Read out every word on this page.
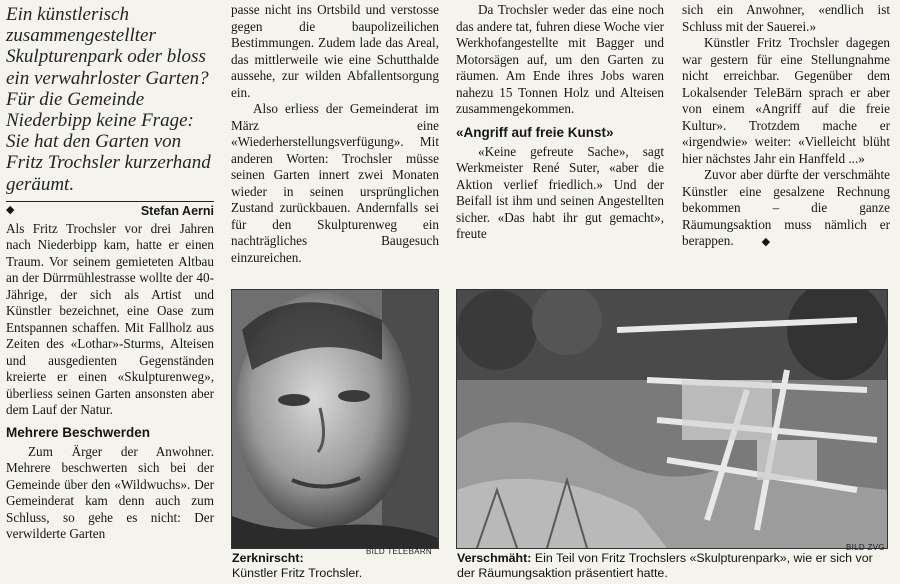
Ein künstlerisch zusammengestellter Skulpturenpark oder bloss ein verwahrloster Garten? Für die Gemeinde Niederbipp keine Frage: Sie hat den Garten von Fritz Trochsler kurzerhand geräumt.

◆	Stefan Aerni

Als Fritz Trochsler vor drei Jahren nach Niederbipp kam, hatte er einen Traum. Vor seinem gemieteten Altbau an der Dürrmühlestrasse wollte der 40-Jährige, der sich als Artist und Künstler bezeichnet, eine Oase zum Entspannen schaffen. Mit Fallholz aus Zeiten des «Lothar»-Sturms, Alteisen und ausgedienten Gegenständen kreierte er einen «Skulpturenweg», überliess seinen Garten ansonsten aber dem Lauf der Natur.

Mehrere Beschwerden

Zum Ärger der Anwohner. Mehrere beschwerten sich bei der Gemeinde über den «Wildwuchs». Der Gemeinderat kam denn auch zum Schluss, so gehe es nicht: Der verwilderte Garten

passe nicht ins Ortsbild und verstosse gegen die baupolizeilichen Bestimmungen. Zudem lade das Areal, das mittlerweile wie eine Schutthalde aussehe, zur wilden Abfallentsorgung ein.

Also erliess der Gemeinderat im März eine «Wiederherstellungsverfügung». Mit anderen Worten: Trochsler müsse seinen Garten innert zwei Monaten wieder in seinen ursprünglichen Zustand zurückbauen. Andernfalls sei für den Skulpturenweg ein nachträgliches Baugesuch einzureichen.

Da Trochsler weder das eine noch das andere tat, fuhren diese Woche vier Werkhofangestellte mit Bagger und Motorsägen auf, um den Garten zu räumen. Am Ende ihres Jobs waren nahezu 15 Tonnen Holz und Alteisen zusammengekommen.

«Angriff auf freie Kunst»

«Keine gefreute Sache», sagt Werkmeister René Suter, «aber die Aktion verlief friedlich.» Und der Beifall ist ihm und seinen Angestellten sicher. «Das habt ihr gut gemacht», freute

sich ein Anwohner, «endlich ist Schluss mit der Sauerei.»

Künstler Fritz Trochsler dagegen war gestern für eine Stellungnahme nicht erreichbar. Gegenüber dem Lokalsender TeleBärn sprach er aber von einem «Angriff auf die freie Kultur». Trotzdem mache er «irgendwie» weiter: «Vielleicht blüht hier nächstes Jahr ein Hanffeld ...»

Zuvor aber dürfte der verschmähte Künstler eine gesalzene Rechnung bekommen – die ganze Räumungsaktion muss nämlich er berappen.	◆

BILD TELEBÄRN
Zerknirscht:
Künstler Fritz Trochsler.
BILD ZVG
Verschmäht: Ein Teil von Fritz Trochslers «Skulpturenpark», wie er sich vor der Räumungsaktion präsentiert hatte.
